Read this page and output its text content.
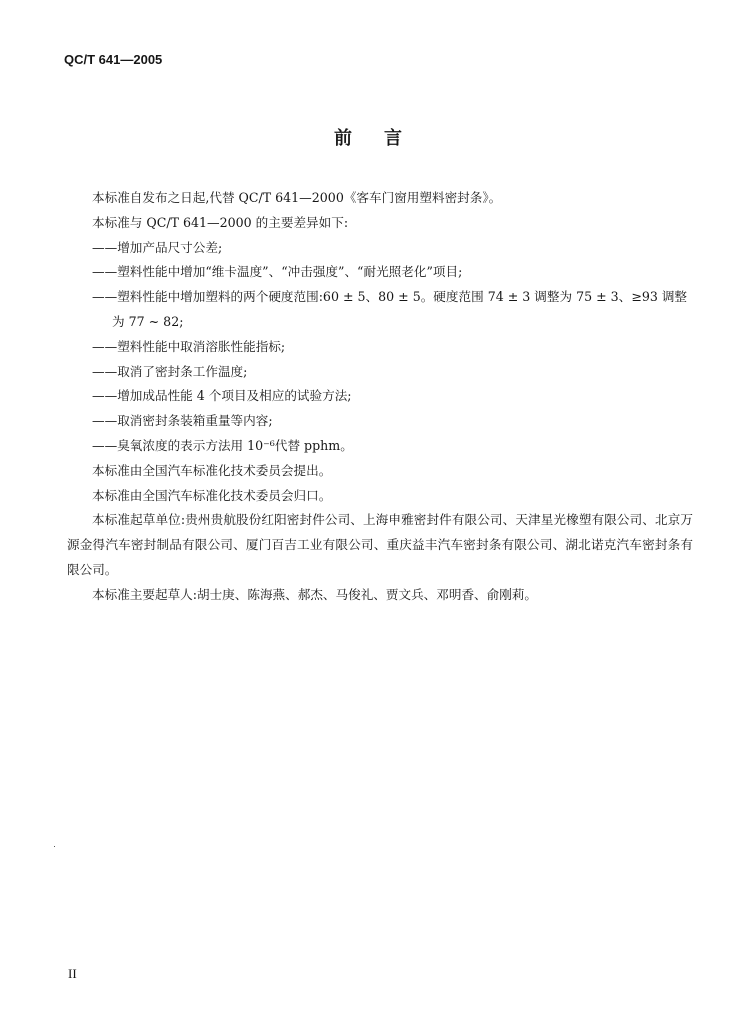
QC/T 641—2005
前言

本标准自发布之日起,代替 QC/T 641—2000《客车门窗用塑料密封条》。

本标准与 QC/T 641—2000 的主要差异如下:

——增加产品尺寸公差;

——塑料性能中增加“维卡温度”、“冲击强度”、“耐光照老化”项目;

——塑料性能中增加塑料的两个硬度范围:60 ± 5、80 ± 5。硬度范围 74 ± 3 调整为 75 ± 3、≥93 调整为 77 ~ 82;

——塑料性能中取消溶胀性能指标;

——取消了密封条工作温度;

——增加成品性能 4 个项目及相应的试验方法;

——取消密封条装箱重量等内容;

——臭氧浓度的表示方法用 10⁻⁶代替 pphm。

本标准由全国汽车标准化技术委员会提出。

本标准由全国汽车标准化技术委员会归口。

本标准起草单位:贵州贵航股份红阳密封件公司、上海申雅密封件有限公司、天津星光橡塑有限公司、北京万源金得汽车密封制品有限公司、厦门百吉工业有限公司、重庆益丰汽车密封条有限公司、湖北诺克汽车密封条有限公司。

本标准主要起草人:胡士庚、陈海燕、郝杰、马俊礼、贾文兵、邓明香、俞刚莉。

II
